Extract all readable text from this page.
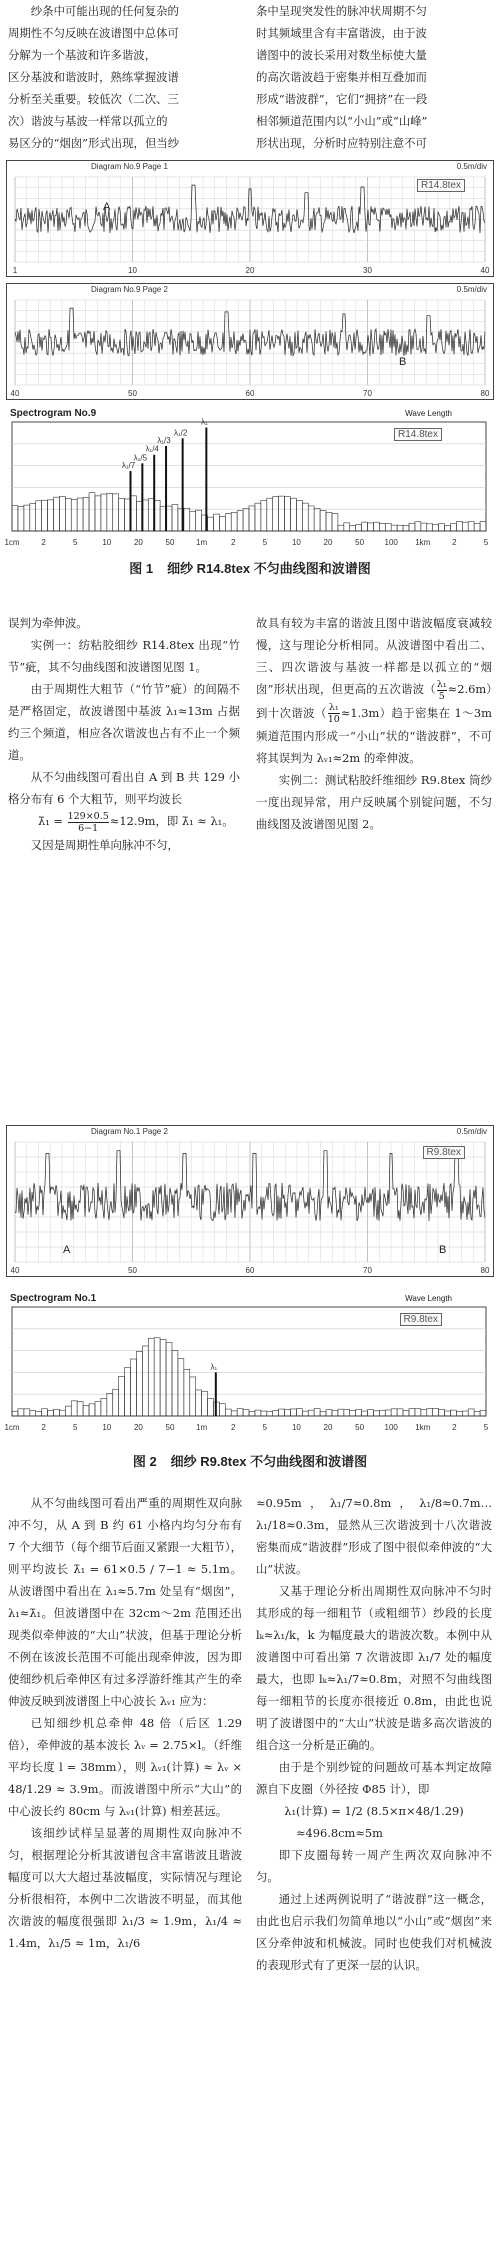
纱条中可能出现的任何复杂的

周期性不匀反映在波谱图中总体可

分解为一个基波和许多谐波，

区分基波和谐波时，熟练掌握波谱

分析至关重要。较低次（二次、三

次）谐波与基波一样常以孤立的

易区分的“烟囱”形式出现，但当纱

条中呈现突发性的脉冲状周期不匀

时其频域里含有丰富谐波，由于波

谱图中的波长采用对数坐标使大量

的高次谐波趋于密集并相互叠加而

形成“谐波群”，它们“拥挤”在一段

相邻频道范围内以“小山”或“山峰”

形状出现，分析时应特别注意不可

Diagram No.9 Page 1	0.5m/div
1	10	20	30	40
R14.8tex
A
Diagram No.9 Page 2	0.5m/div
40	50	60	70	80
B
Spectrogram No.9	Wave Length
λ₁/7
λ₁/5
λ₁/4
λ₁/3
λ₁/2
λ₁
1cm	2	5	10	20	50	1m	2	5	10	20	50	100 1km	2	5
R14.8tex
图 1 细纱 R14.8tex 不匀曲线图和波谱图

误判为牵伸波。

实例一：纺粘胶细纱 R14.8tex 出现“竹节”疵，其不匀曲线图和波谱图见图 1。

由于周期性大粗节（“竹节”疵）的间隔不是严格固定，故波谱图中基波 λ₁≈13m 占据约三个频道，相应各次谐波也占有不止一个频道。

从不匀曲线图可看出自 A 到 B 共 129 小格分布有 6 个大粗节，则平均波长

λ̄₁ = $\frac{129\times 0.5}{6-1} \approx 12.9m$，即 λ̄₁ ≈ λ₁。

又因是周期性单向脉冲不匀，

故具有较为丰富的谐波且图中谐波幅度衰减较慢，这与理论分析相同。从波谱图中看出二、三、四次谐波与基波一样都是以孤立的“烟囱”形状出现，但更高的五次谐波（ $\frac{\text{λ₁}}{5} \approx 2.6m$）到十次谐波（ $\frac{\text{λ₁}}{10} \approx 1.3m$）趋于密集在 1～3m 频道范围内形成一“小山”状的“谐波群”，不可将其误判为 λᵥ₁≈2m 的牵伸波。

实例二：测试粘胶纤维细纱 R9.8tex 筒纱一度出现异常，用户反映属个别锭问题，不匀曲线图及波谱图见图 2。

Diagram No.1 Page 2	0.5m/div
40	50	60	70	80
R9.8tex
A	B
Spectrogram No.1	Wave Length
λ₁
1cm	2	5	10	20	50	1m	2	5	10	20	50	100 1km	2	5
R9.8tex
图 2 细纱 R9.8tex 不匀曲线图和波谱图

从不匀曲线图可看出严重的周期性双向脉冲不匀，从 A 到 B 约 61 小格内均匀分布有 7 个大细节（每个细节后面又紧跟一大粗节），则平均波长 λ̄₁ = 61×0.5 / 7−1 ≈ 5.1m。从波谱图中看出在 λ₁≈5.7m 处呈有“烟囱”，λ₁≈λ̄₁。但波谱图中在 32cm～2m 范围还出现类似牵伸波的“大山”状波，但基于理论分析不例在该波长范围不可能出现牵伸波，因为即使细纱机后牵伸区有过多浮游纤维其产生的牵伸波反映到波谱图上中心波长 λᵥ₁ 应为：

已知细纱机总牵伸 48 倍（后区 1.29 倍），牵伸波的基本波长 λᵥ = 2.75×l。（纤维平均长度 l = 38mm），则 λᵥ₁(计算) ≈ λᵥ × 48/1.29 ≈ 3.9m。而波谱图中所示“大山”的中心波长约 80cm 与 λᵥ₁(计算) 相差甚远。

该细纱试样呈显著的周期性双向脉冲不匀，根据理论分析其波谱包含丰富谐波且谐波幅度可以大大超过基波幅度，实际情况与理论分析很相符，本例中二次谐波不明显，而其他次谐波的幅度很强即 λ₁/3 ≈ 1.9m，λ₁/4 ≈ 1.4m，λ₁/5 ≈ 1m，λ₁/6

≈0.95m，λ₁/7≈0.8m，λ₁/8≈0.7m…λ₁/18≈0.3m，显然从三次谐波到十八次谐波密集而成“谐波群”形成了图中很似牵伸波的“大山”状波。

又基于理论分析出周期性双向脉冲不匀时其形成的每一细粗节（或粗细节）纱段的长度 lₖ≈λ₁/k，k 为幅度最大的谐波次数。本例中从波谱图中可看出第 7 次谐波即 λ₁/7 处的幅度最大，也即 lₖ≈λ₁/7≈0.8m，对照不匀曲线图每一细粗节的长度亦很接近 0.8m，由此也说明了波谱图中的“大山”状波是谐多高次谐波的组合这一分析是正确的。

由于是个别纱锭的问题故可基本判定故障源自下皮圈（外径按 Φ85 计），即

λ₁(计算) = 1/2 (8.5×π×48/1.29)

≈496.8cm≈5m

即下皮圈每转一周产生两次双向脉冲不匀。

通过上述两例说明了“谐波群”这一概念，由此也启示我们勿简单地以“小山”或“烟囱”来区分牵伸波和机械波。同时也使我们对机械波的表现形式有了更深一层的认识。
